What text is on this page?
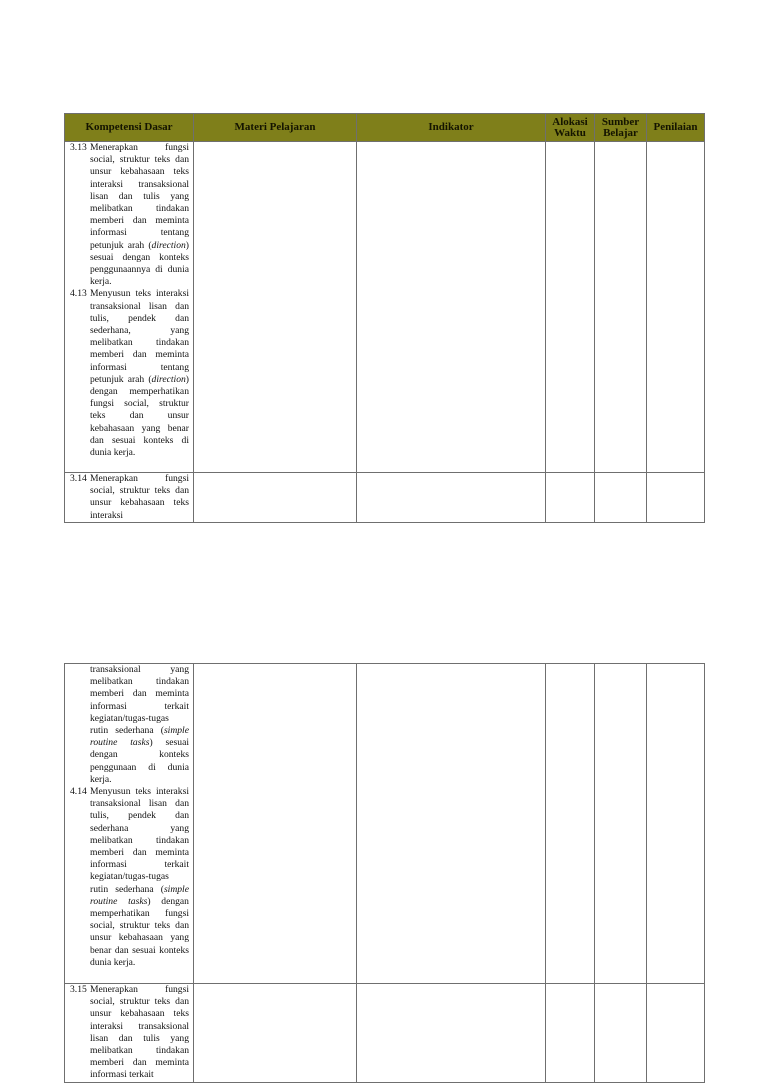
Kompetensi Dasar	Materi Pelajaran	Indikator	Alokasi Waktu	Sumber Belajar	Penilaian

3.13 Menerapkan fungsi social, struktur teks dan unsur kebahasaan teks interaksi transaksional lisan dan tulis yang melibatkan tindakan memberi dan meminta informasi tentang petunjuk arah (direction) sesuai dengan konteks penggunaannya di dunia kerja.
4.13 Menyusun teks interaksi transaksional lisan dan tulis, pendek dan sederhana, yang melibatkan tindakan memberi dan meminta informasi tentang petunjuk arah (direction) dengan memperhatikan fungsi social, struktur teks dan unsur kebahasaan yang benar dan sesuai konteks di dunia kerja.					

3.14 Menerapkan fungsi social, struktur teks dan unsur kebahasaan teks interaksi					

transaksional yang melibatkan tindakan memberi dan meminta informasi terkait kegiatan/tugas-tugas rutin sederhana (simple routine tasks) sesuai dengan konteks penggunaan di dunia kerja.
4.14 Menyusun teks interaksi transaksional lisan dan tulis, pendek dan sederhana yang melibatkan tindakan memberi dan meminta informasi terkait kegiatan/tugas-tugas rutin sederhana (simple routine tasks) dengan memperhatikan fungsi social, struktur teks dan unsur kebahasaan yang benar dan sesuai konteks dunia kerja.					

3.15 Menerapkan fungsi social, struktur teks dan unsur kebahasaan teks interaksi transaksional lisan dan tulis yang melibatkan tindakan memberi dan meminta informasi terkait					
